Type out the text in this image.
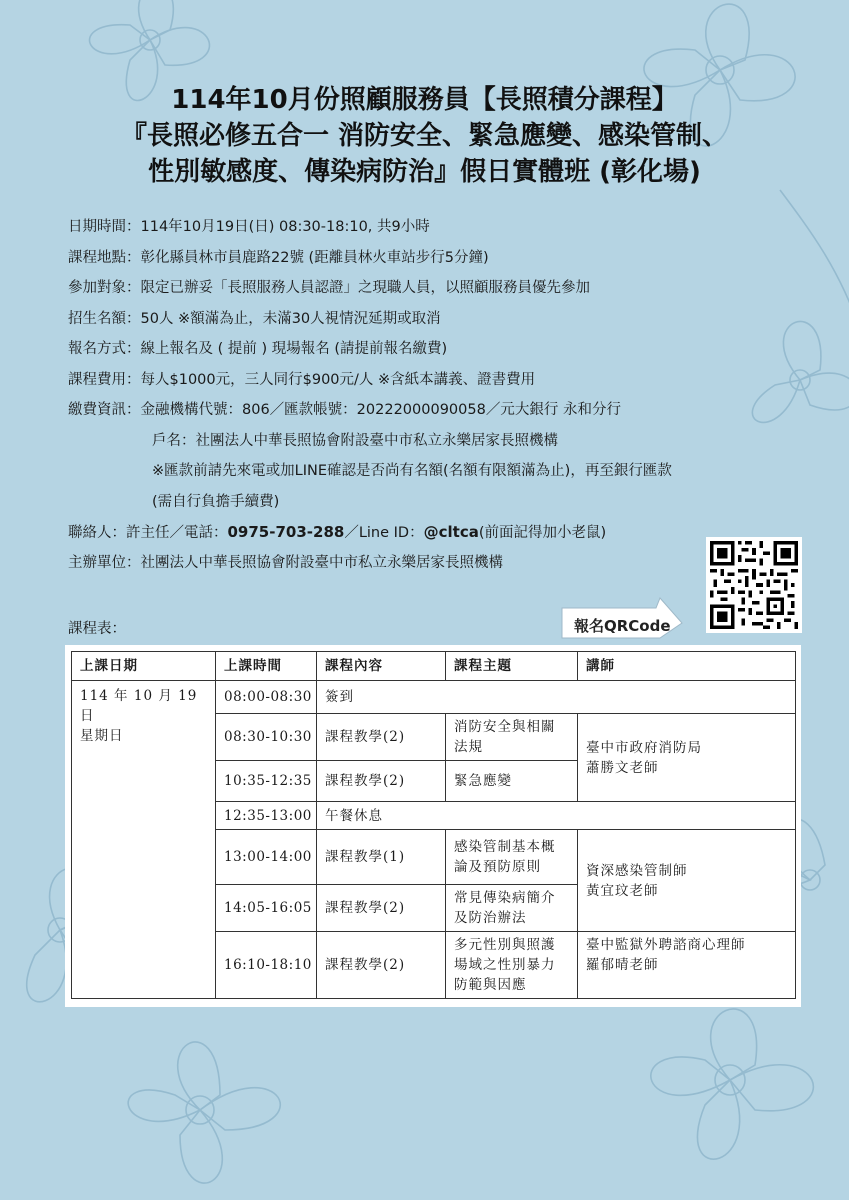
114年10月份照顧服務員【長照積分課程】
『長照必修五合一 消防安全、緊急應變、感染管制、
性別敏感度、傳染病防治』假日實體班 (彰化場)
日期時間：114年10月19日(日) 08:30-18:10, 共9小時
課程地點：彰化縣員林市員鹿路22號 (距離員林火車站步行5分鐘)
參加對象：限定已辦妥「長照服務人員認證」之現職人員，以照顧服務員優先參加
招生名額：50人 ※額滿為止，未滿30人視情況延期或取消
報名方式：線上報名及 ( 提前 ) 現場報名 (請提前報名繳費)
課程費用：每人$1000元，三人同行$900元/人 ※含紙本講義、證書費用
繳費資訊：金融機構代號：806／匯款帳號：20222000090058／元大銀行 永和分行
戶名：社團法人中華長照協會附設臺中市私立永樂居家長照機構
※匯款前請先來電或加LINE確認是否尚有名額(名額有限額滿為止)，再至銀行匯款
(需自行負擔手續費)
聯絡人：許主任／電話：0975-703-288／Line ID：@cltca(前面記得加小老鼠)
主辦單位：社團法人中華長照協會附設臺中市私立永樂居家長照機構
報名QRCode
課程表：
上課日期	上課時間	課程內容	課程主題	講師

114 年 10 月 19 日
星期日	08:00-08:30	簽到		
	08:30-10:30	課程教學(2)	消防安全與相關法規	臺中市政府消防局
蕭勝文老師

	10:35-12:35	課程教學(2)	緊急應變	
	12:35-13:00	午餐休息		
	13:00-14:00	課程教學(1)	感染管制基本概論及預防原則	資深感染管制師
黃宜玟老師

	14:05-16:05	課程教學(2)	常見傳染病簡介及防治辦法	
	16:10-18:10	課程教學(2)	多元性別與照護場域之性別暴力防範與因應	臺中監獄外聘諮商心理師
羅郁晴老師
